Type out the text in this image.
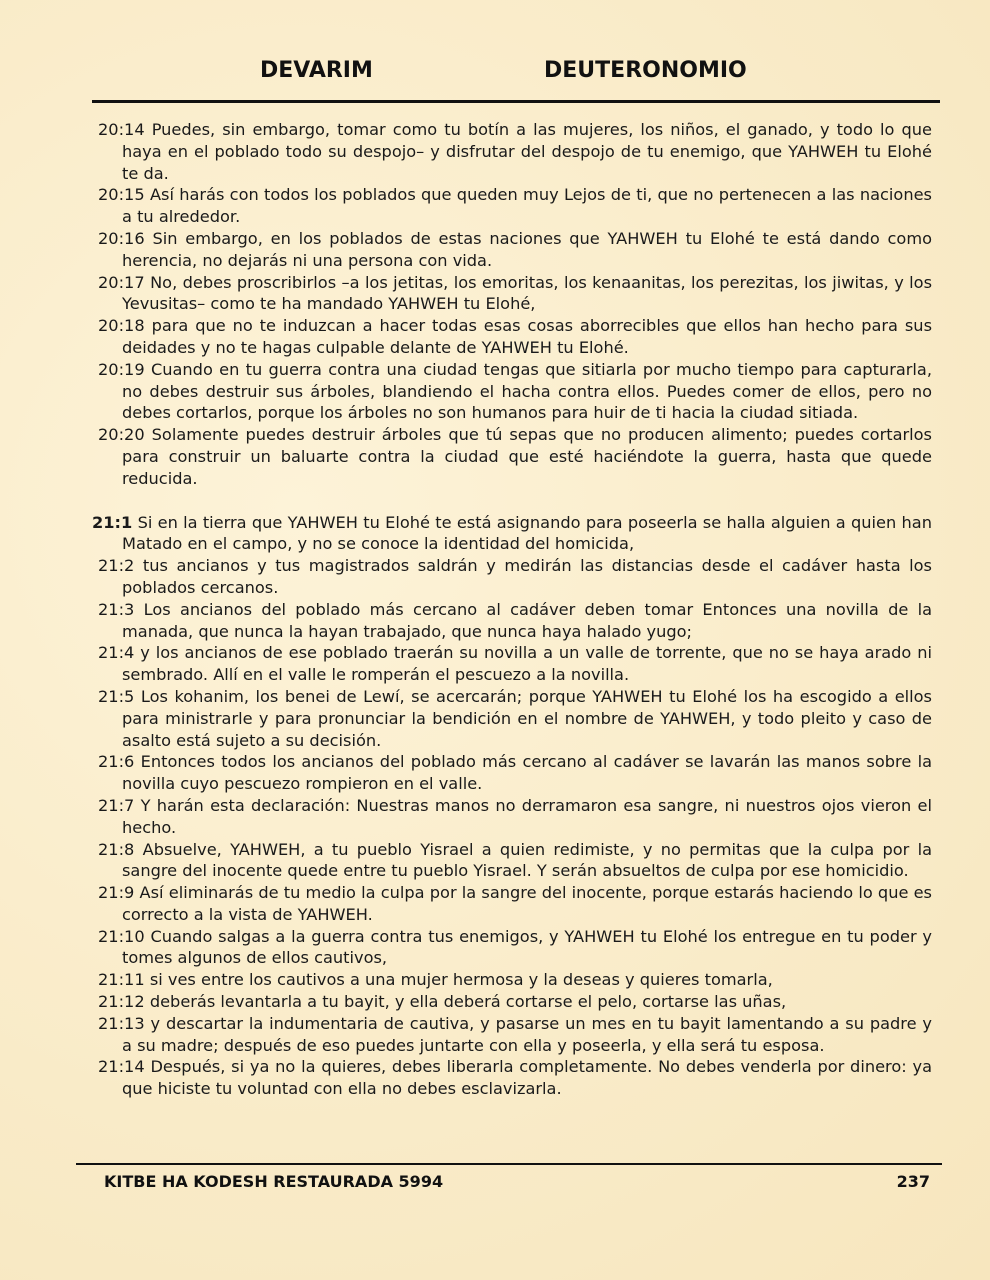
DEVARIM	DEUTERONOMIO

20:14 Puedes, sin embargo, tomar como tu botín a las mujeres, los niños, el ganado, y todo lo que haya en el poblado todo su despojo– y disfrutar del despojo de tu enemigo, que YAHWEH tu Elohé te da.

20:15 Así harás con todos los poblados que queden muy Lejos de ti, que no pertenecen a las naciones a tu alrededor.

20:16 Sin embargo, en los poblados de estas naciones que YAHWEH tu Elohé te está dando como herencia, no dejarás ni una persona con vida.

20:17 No, debes proscribirlos –a los jetitas, los emoritas, los kenaanitas, los perezitas, los jiwitas, y los Yevusitas– como te ha mandado YAHWEH tu Elohé,

20:18 para que no te induzcan a hacer todas esas cosas aborrecibles que ellos han hecho para sus deidades y no te hagas culpable delante de YAHWEH tu Elohé.

20:19 Cuando en tu guerra contra una ciudad tengas que sitiarla por mucho tiempo para capturarla, no debes destruir sus árboles, blandiendo el hacha contra ellos. Puedes comer de ellos, pero no debes cortarlos, porque los árboles no son humanos para huir de ti hacia la ciudad sitiada.

20:20 Solamente puedes destruir árboles que tú sepas que no producen alimento; puedes cortarlos para construir un baluarte contra la ciudad que esté haciéndote la guerra, hasta que quede reducida.

21:1 Si en la tierra que YAHWEH tu Elohé te está asignando para poseerla se halla alguien a quien han Matado en el campo, y no se conoce la identidad del homicida,

21:2 tus ancianos y tus magistrados saldrán y medirán las distancias desde el cadáver hasta los poblados cercanos.

21:3 Los ancianos del poblado más cercano al cadáver deben tomar Entonces una novilla de la manada, que nunca la hayan trabajado, que nunca haya halado yugo;

21:4 y los ancianos de ese poblado traerán su novilla a un valle de torrente, que no se haya arado ni sembrado. Allí en el valle le romperán el pescuezo a la novilla.

21:5 Los kohanim, los benei de Lewí, se acercarán; porque YAHWEH tu Elohé los ha escogido a ellos para ministrarle y para pronunciar la bendición en el nombre de YAHWEH, y todo pleito y caso de asalto está sujeto a su decisión.

21:6 Entonces todos los ancianos del poblado más cercano al cadáver se lavarán las manos sobre la novilla cuyo pescuezo rompieron en el valle.

21:7 Y harán esta declaración: Nuestras manos no derramaron esa sangre, ni nuestros ojos vieron el hecho.

21:8 Absuelve, YAHWEH, a tu pueblo Yisrael a quien redimiste, y no permitas que la culpa por la sangre del inocente quede entre tu pueblo Yisrael. Y serán absueltos de culpa por ese homicidio.

21:9 Así eliminarás de tu medio la culpa por la sangre del inocente, porque estarás haciendo lo que es correcto a la vista de YAHWEH.

21:10 Cuando salgas a la guerra contra tus enemigos, y YAHWEH tu Elohé los entregue en tu poder y tomes algunos de ellos cautivos,

21:11 si ves entre los cautivos a una mujer hermosa y la deseas y quieres tomarla,

21:12 deberás levantarla a tu bayit, y ella deberá cortarse el pelo, cortarse las uñas,

21:13 y descartar la indumentaria de cautiva, y pasarse un mes en tu bayit lamentando a su padre y a su madre; después de eso puedes juntarte con ella y poseerla, y ella será tu esposa.

21:14 Después, si ya no la quieres, debes liberarla completamente. No debes venderla por dinero: ya que hiciste tu voluntad con ella no debes esclavizarla.

KITBE HA KODESH RESTAURADA 5994	237
